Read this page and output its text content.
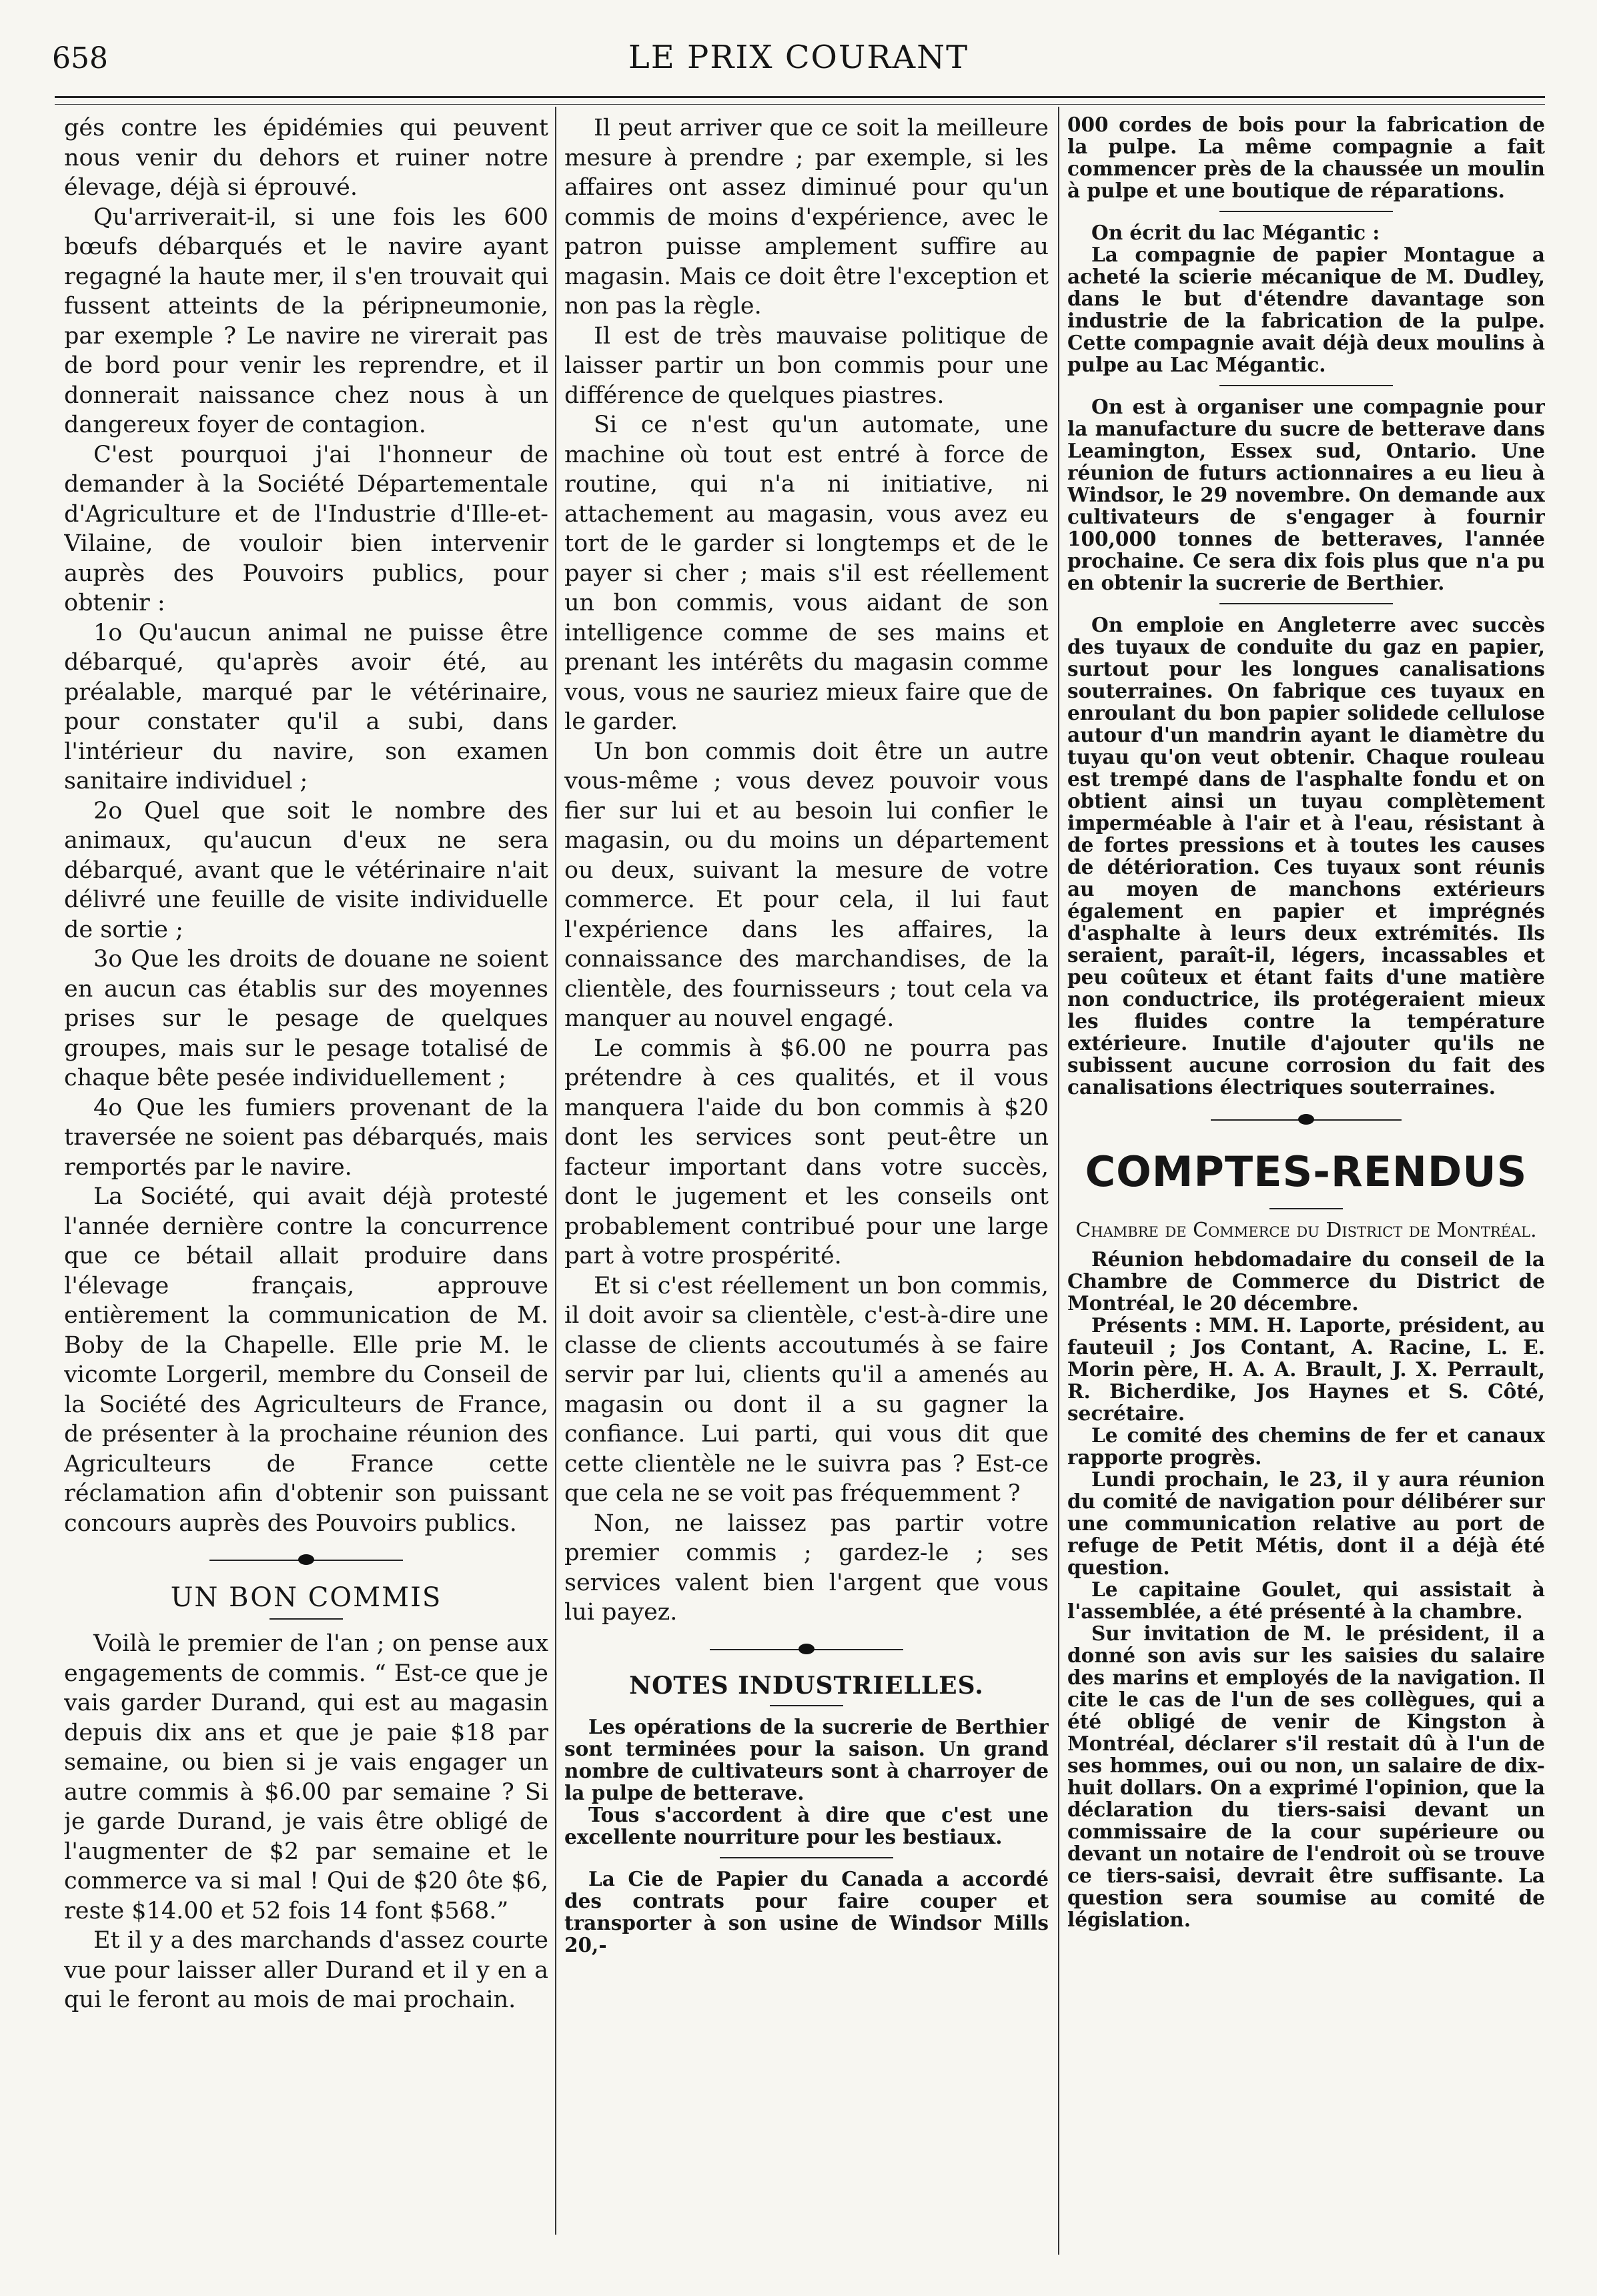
658	LE PRIX COURANT

gés contre les épidémies qui peuvent nous venir du dehors et ruiner notre élevage, déjà si éprouvé.

Qu'arriverait-il, si une fois les 600 bœufs débarqués et le navire ayant regagné la haute mer, il s'en trouvait qui fussent atteints de la péripneumonie, par exemple ? Le navire ne virerait pas de bord pour venir les reprendre, et il donnerait naissance chez nous à un dangereux foyer de contagion.

C'est pourquoi j'ai l'honneur de demander à la Société Départementale d'Agriculture et de l'Industrie d'Ille-et-Vilaine, de vouloir bien intervenir auprès des Pouvoirs publics, pour obtenir :

1o Qu'aucun animal ne puisse être débarqué, qu'après avoir été, au préalable, marqué par le vétérinaire, pour constater qu'il a subi, dans l'intérieur du navire, son examen sanitaire individuel ;

2o Quel que soit le nombre des animaux, qu'aucun d'eux ne sera débarqué, avant que le vétérinaire n'ait délivré une feuille de visite individuelle de sortie ;

3o Que les droits de douane ne soient en aucun cas établis sur des moyennes prises sur le pesage de quelques groupes, mais sur le pesage totalisé de chaque bête pesée individuellement ;

4o Que les fumiers provenant de la traversée ne soient pas débarqués, mais remportés par le navire.

La Société, qui avait déjà protesté l'année dernière contre la concurrence que ce bétail allait produire dans l'élevage français, approuve entièrement la communication de M. Boby de la Chapelle. Elle prie M. le vicomte Lorgeril, membre du Conseil de la Société des Agriculteurs de France, de présenter à la prochaine réunion des Agriculteurs de France cette réclamation afin d'obtenir son puissant concours auprès des Pouvoirs publics.

UN BON COMMIS

Voilà le premier de l'an ; on pense aux engagements de commis. “ Est-ce que je vais garder Durand, qui est au magasin depuis dix ans et que je paie $18 par semaine, ou bien si je vais engager un autre commis à $6.00 par semaine ? Si je garde Durand, je vais être obligé de l'augmenter de $2 par semaine et le commerce va si mal ! Qui de $20 ôte $6, reste $14.00 et 52 fois 14 font $568.”

Et il y a des marchands d'assez courte vue pour laisser aller Durand et il y en a qui le feront au mois de mai prochain.

Il peut arriver que ce soit la meilleure mesure à prendre ; par exemple, si les affaires ont assez diminué pour qu'un commis de moins d'expérience, avec le patron puisse amplement suffire au magasin. Mais ce doit être l'exception et non pas la règle.

Il est de très mauvaise politique de laisser partir un bon commis pour une différence de quelques piastres.

Si ce n'est qu'un automate, une machine où tout est entré à force de routine, qui n'a ni initiative, ni attachement au magasin, vous avez eu tort de le garder si longtemps et de le payer si cher ; mais s'il est réellement un bon commis, vous aidant de son intelligence comme de ses mains et prenant les intérêts du magasin comme vous, vous ne sauriez mieux faire que de le garder.

Un bon commis doit être un autre vous-même ; vous devez pouvoir vous fier sur lui et au besoin lui confier le magasin, ou du moins un département ou deux, suivant la mesure de votre commerce. Et pour cela, il lui faut l'expérience dans les affaires, la connaissance des marchandises, de la clientèle, des fournisseurs ; tout cela va manquer au nouvel engagé.

Le commis à $6.00 ne pourra pas prétendre à ces qualités, et il vous manquera l'aide du bon commis à $20 dont les services sont peut-être un facteur important dans votre succès, dont le jugement et les conseils ont probablement contribué pour une large part à votre prospérité.

Et si c'est réellement un bon commis, il doit avoir sa clientèle, c'est-à-dire une classe de clients accoutumés à se faire servir par lui, clients qu'il a amenés au magasin ou dont il a su gagner la confiance. Lui parti, qui vous dit que cette clientèle ne le suivra pas ? Est-ce que cela ne se voit pas fréquemment ?

Non, ne laissez pas partir votre premier commis ; gardez-le ; ses services valent bien l'argent que vous lui payez.

NOTES INDUSTRIELLES.

Les opérations de la sucrerie de Berthier sont terminées pour la saison. Un grand nombre de cultivateurs sont à charroyer de la pulpe de betterave.

Tous s'accordent à dire que c'est une excellente nourriture pour les bestiaux.

La Cie de Papier du Canada a accordé des contrats pour faire couper et transporter à son usine de Windsor Mills 20,-

000 cordes de bois pour la fabrication de la pulpe. La même compagnie a fait commencer près de la chaussée un moulin à pulpe et une boutique de réparations.

On écrit du lac Mégantic :

La compagnie de papier Montague a acheté la scierie mécanique de M. Dudley, dans le but d'étendre davantage son industrie de la fabrication de la pulpe. Cette compagnie avait déjà deux moulins à pulpe au Lac Mégantic.

On est à organiser une compagnie pour la manufacture du sucre de betterave dans Leamington, Essex sud, Ontario. Une réunion de futurs actionnaires a eu lieu à Windsor, le 29 novembre. On demande aux cultivateurs de s'engager à fournir 100,000 tonnes de betteraves, l'année prochaine. Ce sera dix fois plus que n'a pu en obtenir la sucrerie de Berthier.

On emploie en Angleterre avec succès des tuyaux de conduite du gaz en papier, surtout pour les longues canalisations souterraines. On fabrique ces tuyaux en enroulant du bon papier solidede cellulose autour d'un mandrin ayant le diamètre du tuyau qu'on veut obtenir. Chaque rouleau est trempé dans de l'asphalte fondu et on obtient ainsi un tuyau complètement imperméable à l'air et à l'eau, résistant à de fortes pressions et à toutes les causes de détérioration. Ces tuyaux sont réunis au moyen de manchons extérieurs également en papier et imprégnés d'asphalte à leurs deux extrémités. Ils seraient, paraît-il, légers, incassables et peu coûteux et étant faits d'une matière non conductrice, ils protégeraient mieux les fluides contre la température extérieure. Inutile d'ajouter qu'ils ne subissent aucune corrosion du fait des canalisations électriques souterraines.

COMPTES-RENDUS
Chambre de Commerce du District de Montréal.

Réunion hebdomadaire du conseil de la Chambre de Commerce du District de Montréal, le 20 décembre.

Présents : MM. H. Laporte, président, au fauteuil ; Jos Contant, A. Racine, L. E. Morin père, H. A. A. Brault, J. X. Perrault, R. Bicherdike, Jos Haynes et S. Côté, secrétaire.

Le comité des chemins de fer et canaux rapporte progrès.

Lundi prochain, le 23, il y aura réunion du comité de navigation pour délibérer sur une communication relative au port de refuge de Petit Métis, dont il a déjà été question.

Le capitaine Goulet, qui assistait à l'assemblée, a été présenté à la chambre.

Sur invitation de M. le président, il a donné son avis sur les saisies du salaire des marins et employés de la navigation. Il cite le cas de l'un de ses collègues, qui a été obligé de venir de Kingston à Montréal, déclarer s'il restait dû à l'un de ses hommes, oui ou non, un salaire de dix-huit dollars. On a exprimé l'opinion, que la déclaration du tiers-saisi devant un commissaire de la cour supérieure ou devant un notaire de l'endroit où se trouve ce tiers-saisi, devrait être suffisante. La question sera soumise au comité de législation.
